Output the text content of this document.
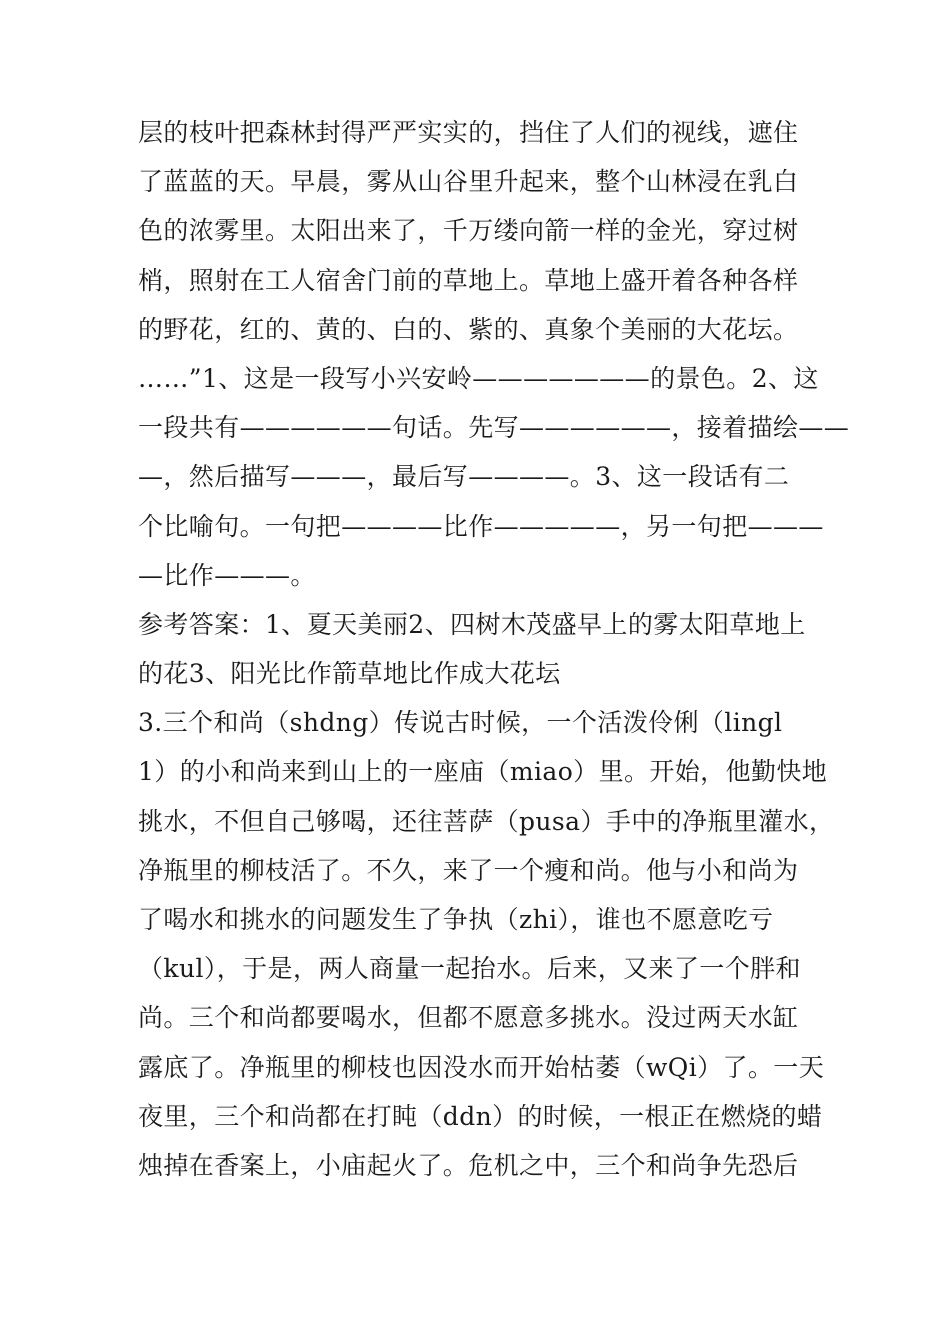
层的枝叶把森林封得严严实实的，挡住了人们的视线，遮住
了蓝蓝的天。早晨，雾从山谷里升起来，整个山林浸在乳白
色的浓雾里。太阳出来了，千万缕向箭一样的金光，穿过树
梢，照射在工人宿舍门前的草地上。草地上盛开着各种各样
的野花，红的、黄的、白的、紫的、真象个美丽的大花坛。
……”1、这是一段写小兴安岭———————的景色。2、这
一段共有——————句话。先写——————，接着描绘——
—，然后描写———，最后写————。3、这一段话有二
个比喻句。一句把————比作—————，另一句把———
—比作———。
参考答案：1、夏天美丽2、四树木茂盛早上的雾太阳草地上
的花3、阳光比作箭草地比作成大花坛
3.三个和尚（shdng）传说古时候，一个活泼伶俐（lingl
1）的小和尚来到山上的一座庙（miao）里。开始，他勤快地
挑水，不但自己够喝，还往菩萨（pusa）手中的净瓶里灌水，
净瓶里的柳枝活了。不久，来了一个瘦和尚。他与小和尚为
了喝水和挑水的问题发生了争执（zhi），谁也不愿意吃亏
（kul），于是，两人商量一起抬水。后来，又来了一个胖和
尚。三个和尚都要喝水，但都不愿意多挑水。没过两天水缸
露底了。净瓶里的柳枝也因没水而开始枯萎（wQi）了。一天
夜里，三个和尚都在打盹（ddn）的时候，一根正在燃烧的蜡
烛掉在香案上，小庙起火了。危机之中，三个和尚争先恐后
